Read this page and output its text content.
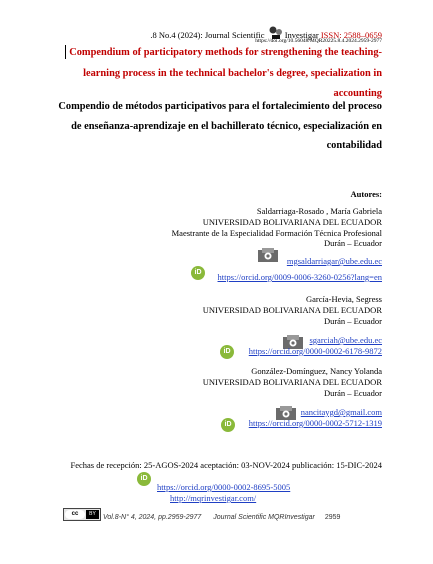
.8 No.4 (2024): Journal Scientific Investigar ISSN: 2588–0659
https://doi.org/10.56048/MQR20225.8.4.2024.2959-2977
Compendium of participatory methods for strengthening the teaching-learning process in the technical bachelor's degree, specialization in accounting
Compendio de métodos participativos para el fortalecimiento del proceso de enseñanza-aprendizaje en el bachillerato técnico, especialización en contabilidad
Autores:
Saldarriaga-Rosado , María Gabriela
UNIVERSIDAD BOLIVARIANA DEL ECUADOR
Maestrante de la Especialidad Formación Técnica Profesional
Durán – Ecuador
mgsaldarriagar@ube.edu.ec
iD	https://orcid.org/0009-0006-3260-0256?lang=en
García-Hevia, Segress
UNIVERSIDAD BOLIVARIANA DEL ECUADOR
Durán – Ecuador
sgarciah@ube.edu.ec
iD	https://orcid.org/0000-0002-6178-9872
González-Domínguez, Nancy Yolanda
UNIVERSIDAD BOLIVARIANA DEL ECUADOR
Durán – Ecuador
nancitaygd@gmail.com
iD	https://orcid.org/0000-0002-5712-1319
Fechas de recepción: 25-AGOS-2024 aceptación: 03-NOV-2024 publicación: 15-DIC-2024
iD
https://orcid.org/0000-0002-8695-5005
http://mqrinvestigar.com/
cc	BY	Vol.8-N° 4, 2024, pp.2959-2977 Journal Scientific MQRInvestigar 2959
